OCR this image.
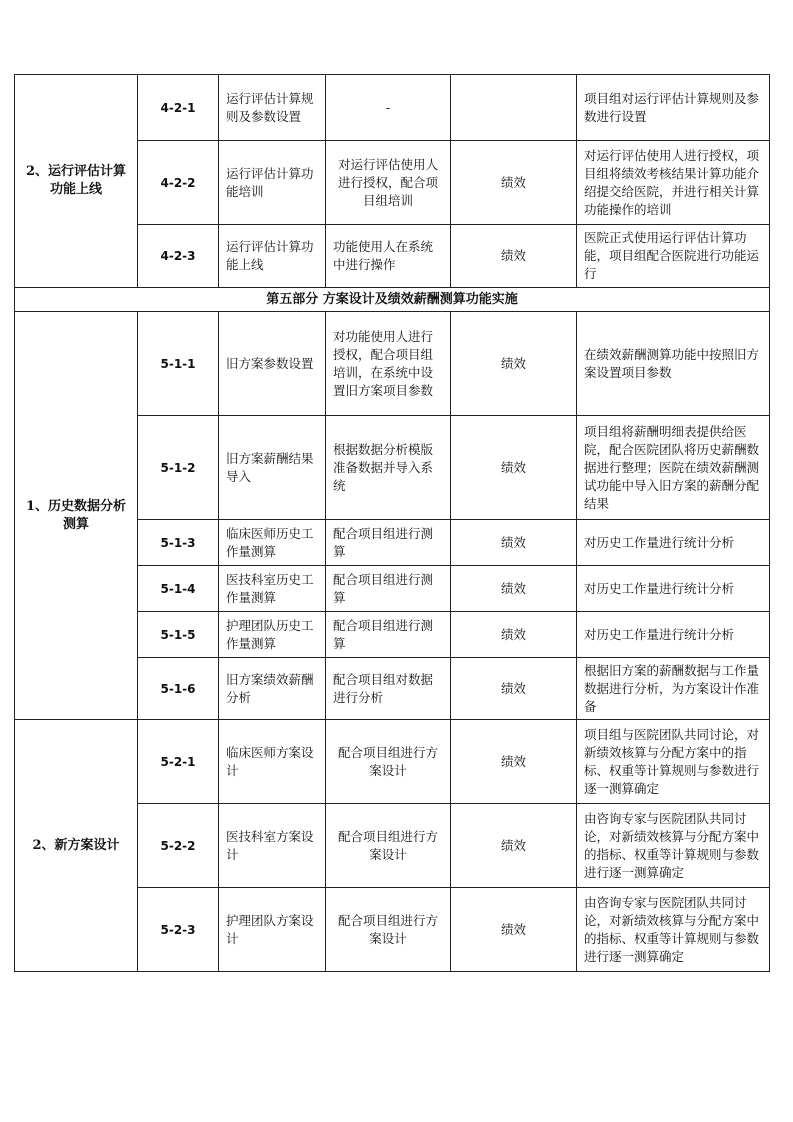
2、运行评估计算功能上线	4-2-1	运行评估计算规则及参数设置	-		项目组对运行评估计算规则及参数进行设置
	4-2-2	运行评估计算功能培训	对运行评估使用人进行授权，配合项目组培训	绩效	对运行评估使用人进行授权，项目组将绩效考核结果计算功能介绍提交给医院，并进行相关计算功能操作的培训
	4-2-3	运行评估计算功能上线	功能使用人在系统中进行操作	绩效	医院正式使用运行评估计算功能，项目组配合医院进行功能运行
第五部分 方案设计及绩效薪酬测算功能实施					
1、历史数据分析测算	5-1-1	旧方案参数设置	对功能使用人进行授权，配合项目组培训，在系统中设置旧方案项目参数	绩效	在绩效薪酬测算功能中按照旧方案设置项目参数
	5-1-2	旧方案薪酬结果导入	根据数据分析模版准备数据并导入系统	绩效	项目组将薪酬明细表提供给医院，配合医院团队将历史薪酬数据进行整理；医院在绩效薪酬测试功能中导入旧方案的薪酬分配结果
	5-1-3	临床医师历史工作量测算	配合项目组进行测算	绩效	对历史工作量进行统计分析
	5-1-4	医技科室历史工作量测算	配合项目组进行测算	绩效	对历史工作量进行统计分析
	5-1-5	护理团队历史工作量测算	配合项目组进行测算	绩效	对历史工作量进行统计分析
	5-1-6	旧方案绩效薪酬分析	配合项目组对数据进行分析	绩效	根据旧方案的薪酬数据与工作量数据进行分析，为方案设计作准备
2、新方案设计	5-2-1	临床医师方案设计	配合项目组进行方案设计	绩效	项目组与医院团队共同讨论，对新绩效核算与分配方案中的指标、权重等计算规则与参数进行逐一测算确定
	5-2-2	医技科室方案设计	配合项目组进行方案设计	绩效	由咨询专家与医院团队共同讨论，对新绩效核算与分配方案中的指标、权重等计算规则与参数进行逐一测算确定
	5-2-3	护理团队方案设计	配合项目组进行方案设计	绩效	由咨询专家与医院团队共同讨论，对新绩效核算与分配方案中的指标、权重等计算规则与参数进行逐一测算确定
